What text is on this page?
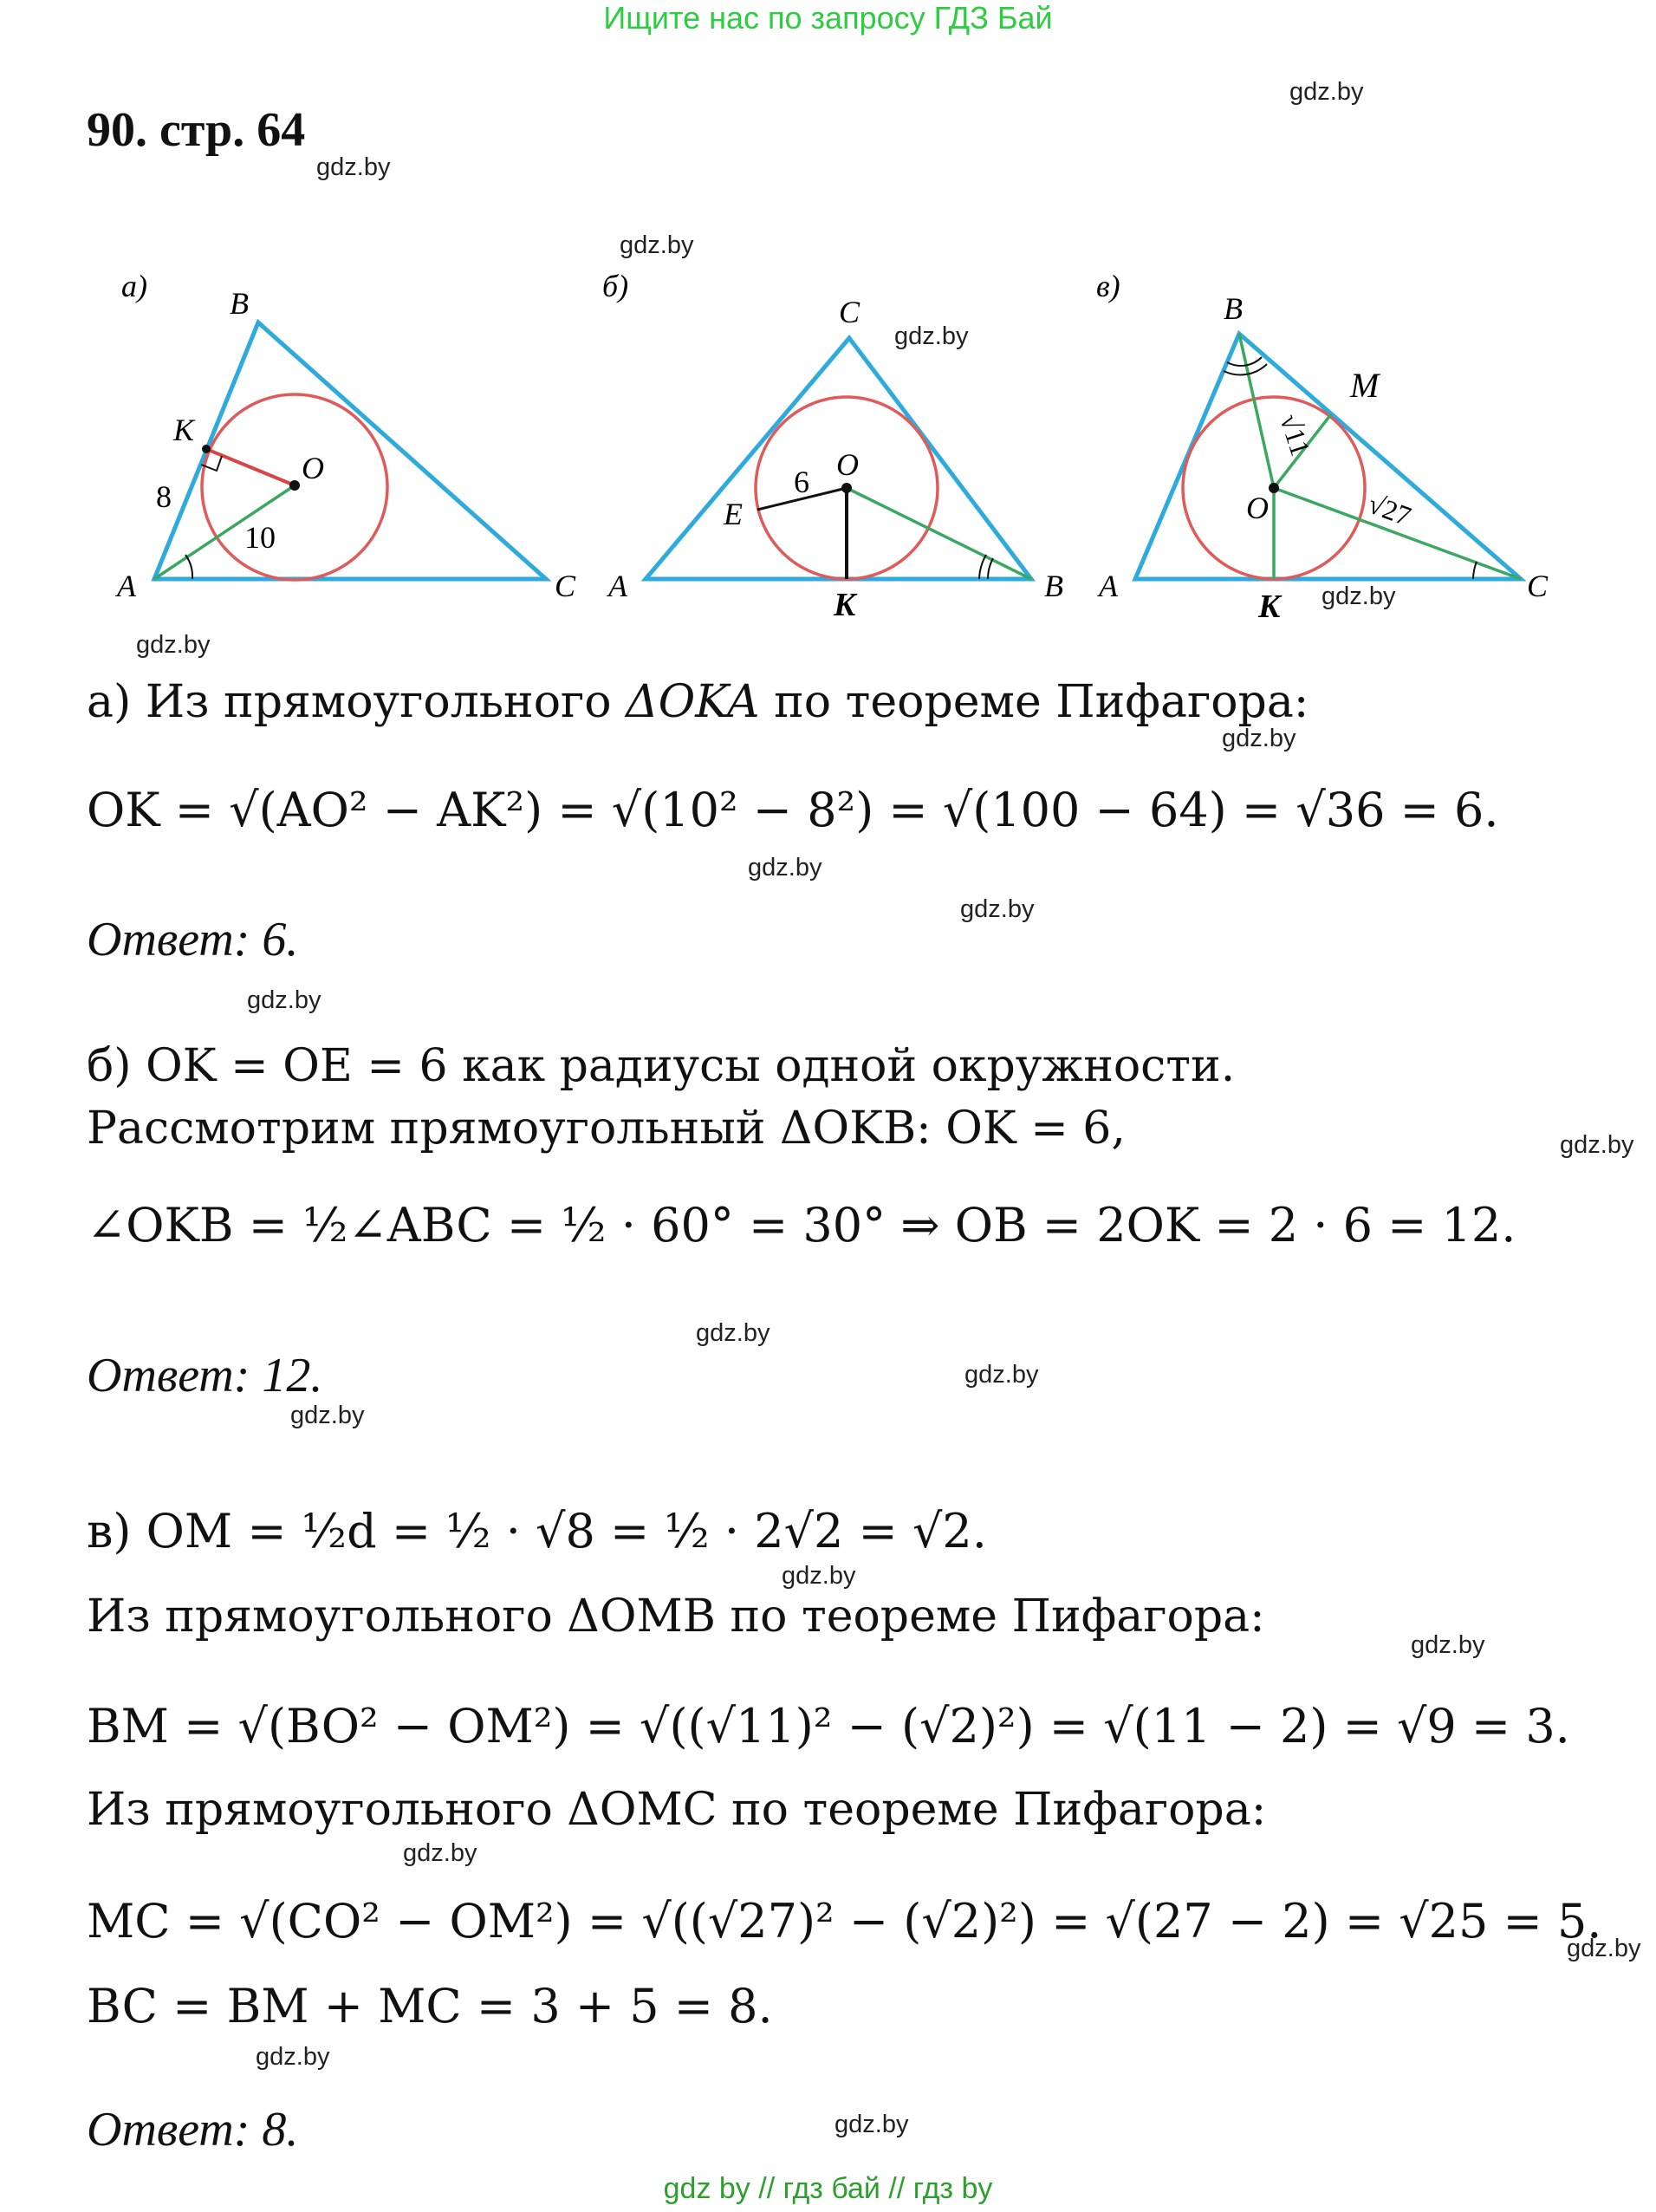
Ищите нас по запросу ГДЗ Бай
90. стр. 64
gdz.by
gdz.by
gdz.by
gdz.by
gdz.by
gdz.by
gdz.by
gdz.by
gdz.by
gdz.by
gdz.by
gdz.by
gdz.by
gdz.by
gdz.by
gdz.by
gdz.by
gdz.by
gdz.by
gdz.by
а)
A
B
C
K
O
8
10
б)
A	B
C
K
O
E
6
в)
A
B
C
K
O
M
√11
√27
а) Из прямоугольного ΔOKA по теореме Пифагора:
OK = √(AO² − AK²) = √(10² − 8²) = √(100 − 64) = √36 = 6.
Ответ: 6.
б) OK = OE = 6 как радиусы одной окружности.
Рассмотрим прямоугольный ΔOKB: OK = 6,
∠OKB = ½∠ABC = ½ · 60° = 30° ⇒ OB = 2OK = 2 · 6 = 12.
Ответ: 12.
в) OM = ½d = ½ · √8 = ½ · 2√2 = √2.
Из прямоугольного ΔOMB по теореме Пифагора:
BM = √(BO² − OM²) = √((√11)² − (√2)²) = √(11 − 2) = √9 = 3.
Из прямоугольного ΔOMC по теореме Пифагора:
MC = √(CO² − OM²) = √((√27)² − (√2)²) = √(27 − 2) = √25 = 5.
BC = BM + MC = 3 + 5 = 8.
Ответ: 8.
gdz by // гдз бай // гдз by
